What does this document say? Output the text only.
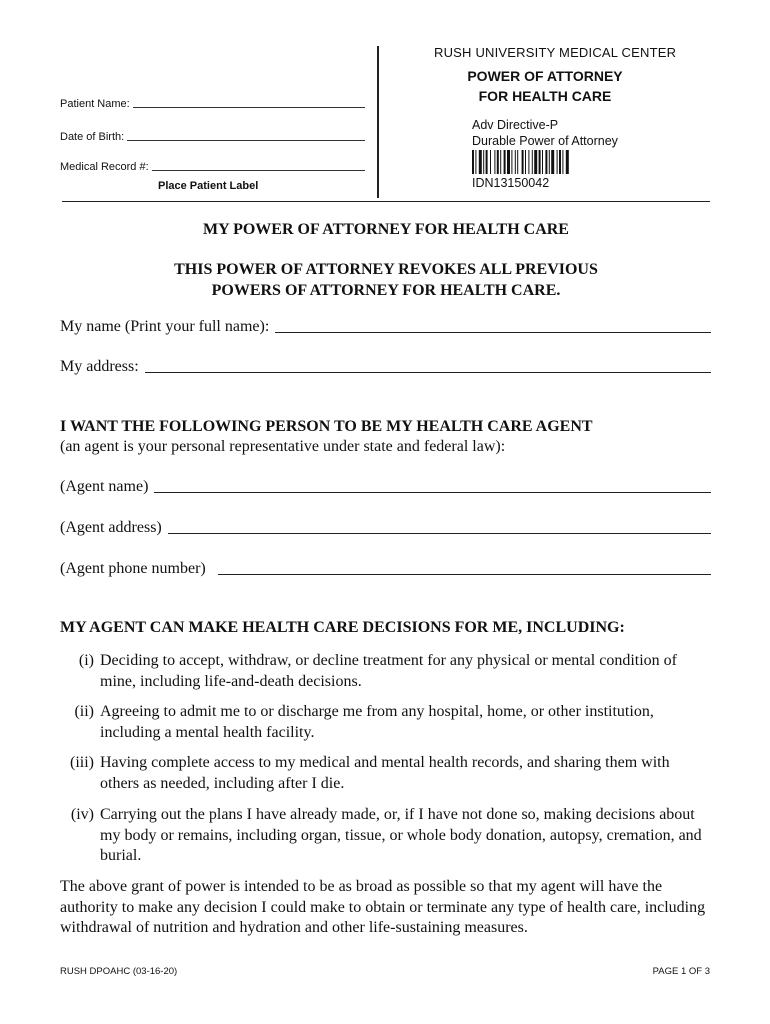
Patient Name:
Date of Birth:
Medical Record #:
Place Patient Label
RUSH UNIVERSITY MEDICAL CENTER
POWER OF ATTORNEY
FOR HEALTH CARE
Adv Directive-P
Durable Power of Attorney
IDN13150042
MY POWER OF ATTORNEY FOR HEALTH CARE
THIS POWER OF ATTORNEY REVOKES ALL PREVIOUS
POWERS OF ATTORNEY FOR HEALTH CARE.
My name (Print your full name):
My address:
I WANT THE FOLLOWING PERSON TO BE MY HEALTH CARE AGENT
(an agent is your personal representative under state and federal law):
(Agent name)
(Agent address)
(Agent phone number)
MY AGENT CAN MAKE HEALTH CARE DECISIONS FOR ME, INCLUDING:
(i) Deciding to accept, withdraw, or decline treatment for any physical or mental condition of mine, including life-and-death decisions.
(ii) Agreeing to admit me to or discharge me from any hospital, home, or other institution, including a mental health facility.
(iii) Having complete access to my medical and mental health records, and sharing them with others as needed, including after I die.
(iv) Carrying out the plans I have already made, or, if I have not done so, making decisions about my body or remains, including organ, tissue, or whole body donation, autopsy, cremation, and burial.
The above grant of power is intended to be as broad as possible so that my agent will have the authority to make any decision I could make to obtain or terminate any type of health care, including withdrawal of nutrition and hydration and other life-sustaining measures.
RUSH DPOAHC (03-16-20)	PAGE 1 OF 3
